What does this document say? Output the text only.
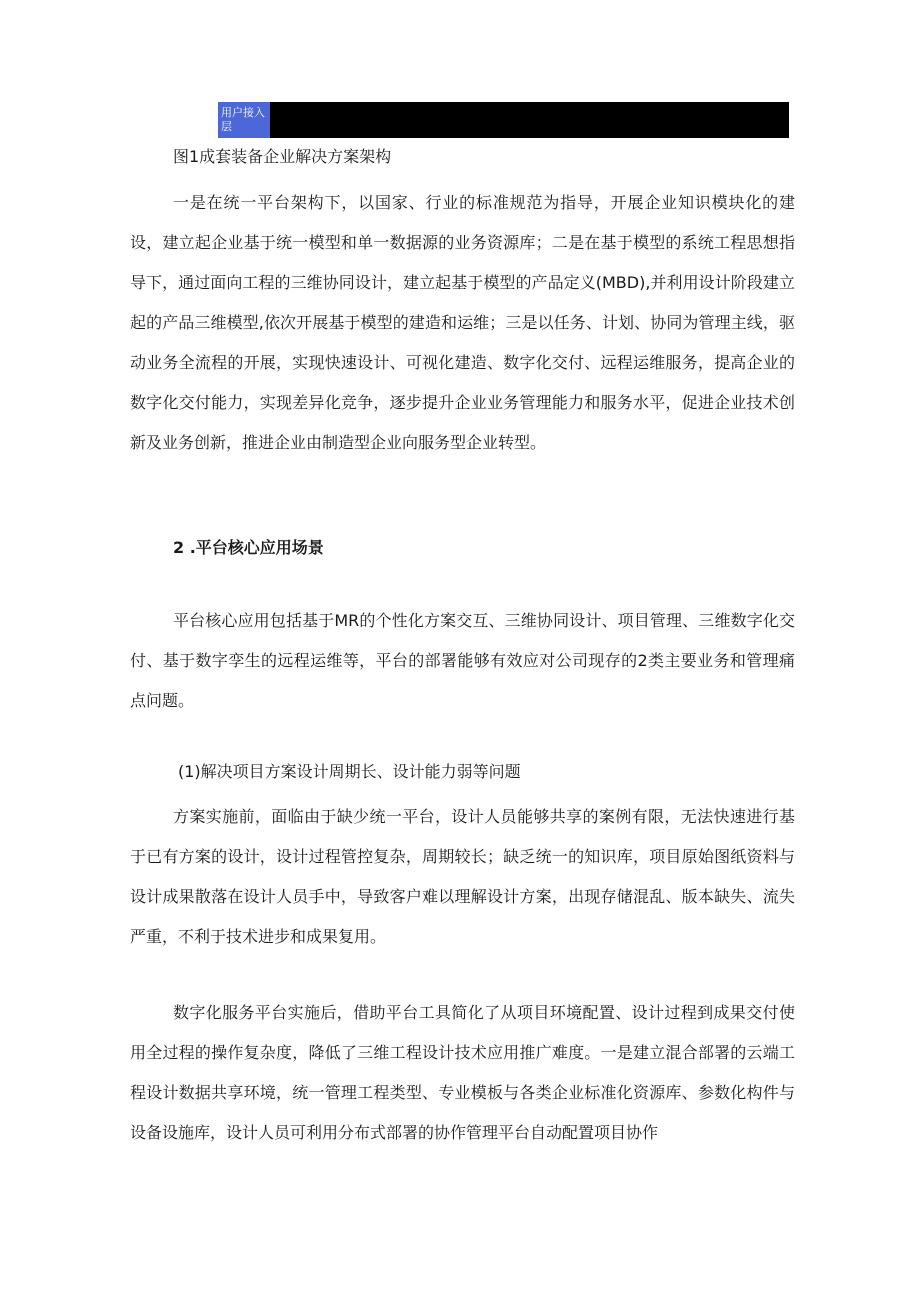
用户接入层
图1成套装备企业解决方案架构

一是在统一平台架构下，以国家、行业的标准规范为指导，开展企业知识模块化的建设，建立起企业基于统一模型和单一数据源的业务资源库；二是在基于模型的系统工程思想指导下，通过面向工程的三维协同设计，建立起基于模型的产品定义(MBD),并利用设计阶段建立起的产品三维模型,依次开展基于模型的建造和运维；三是以任务、计划、协同为管理主线，驱动业务全流程的开展，实现快速设计、可视化建造、数字化交付、远程运维服务，提高企业的数字化交付能力，实现差异化竞争，逐步提升企业业务管理能力和服务水平，促进企业技术创新及业务创新，推进企业由制造型企业向服务型企业转型。

2 .平台核心应用场景

平台核心应用包括基于MR的个性化方案交互、三维协同设计、项目管理、三维数字化交付、基于数字孪生的远程运维等，平台的部署能够有效应对公司现存的2类主要业务和管理痛点问题。

(1)解决项目方案设计周期长、设计能力弱等问题

方案实施前，面临由于缺少统一平台，设计人员能够共享的案例有限，无法快速进行基于已有方案的设计，设计过程管控复杂，周期较长；缺乏统一的知识库，项目原始图纸资料与设计成果散落在设计人员手中，导致客户难以理解设计方案，出现存储混乱、版本缺失、流失严重，不利于技术进步和成果复用。

数字化服务平台实施后，借助平台工具简化了从项目环境配置、设计过程到成果交付使用全过程的操作复杂度，降低了三维工程设计技术应用推广难度。一是建立混合部署的云端工程设计数据共享环境，统一管理工程类型、专业模板与各类企业标准化资源库、参数化构件与设备设施库，设计人员可利用分布式部署的协作管理平台自动配置项目协作
